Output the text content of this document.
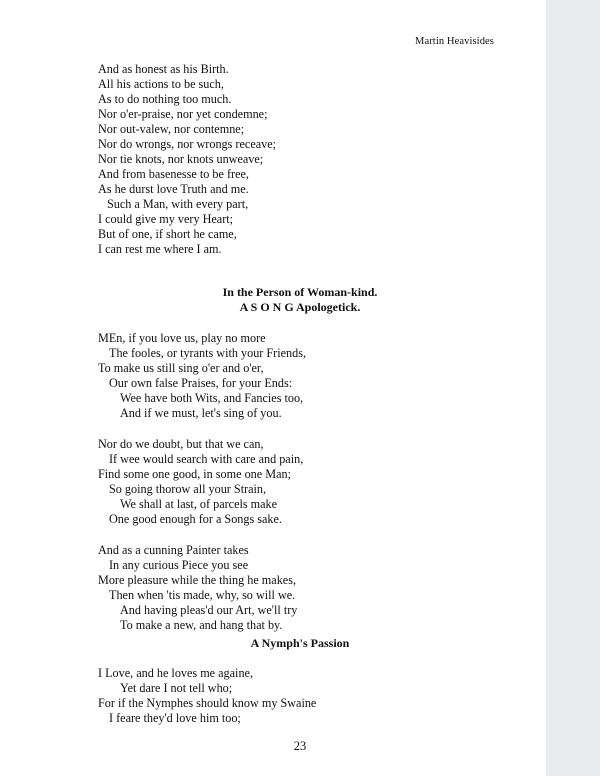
Martin Heavisides
And as honest as his Birth.
All his actions to be such,
As to do nothing too much.
Nor o'er-praise, nor yet condemne;
Nor out-valew, nor contemne;
Nor do wrongs, nor wrongs receave;
Nor tie knots, nor knots unweave;
And from basenesse to be free,
As he durst love Truth and me.
Such a Man, with every part,
I could give my very Heart;
But of one, if short he came,
I can rest me where I am.
In the Person of Woman-kind.
A S O N G Apologetick.
MEn, if you love us, play no more
The fooles, or tyrants with your Friends,
To make us still sing o'er and o'er,
Our own false Praises, for your Ends:
Wee have both Wits, and Fancies too,
And if we must, let's sing of you.
Nor do we doubt, but that we can,
If wee would search with care and pain,
Find some one good, in some one Man;
So going thorow all your Strain,
We shall at last, of parcels make
One good enough for a Songs sake.
And as a cunning Painter takes
In any curious Piece you see
More pleasure while the thing he makes,
Then when 'tis made, why, so will we.
And having pleas'd our Art, we'll try
To make a new, and hang that by.
A Nymph's Passion
I Love, and he loves me againe,
Yet dare I not tell who;
For if the Nymphes should know my Swaine
I feare they'd love him too;
23
